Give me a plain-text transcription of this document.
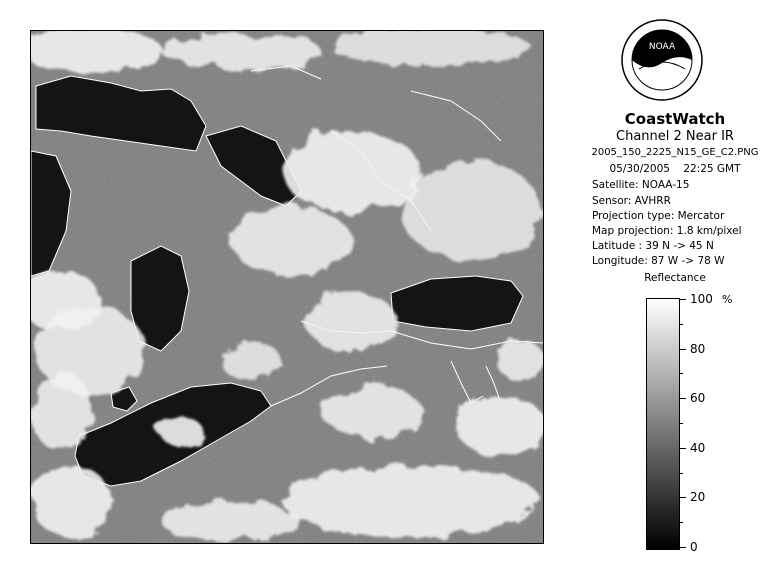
NOAA
CoastWatch
Channel 2 Near IR
2005_150_2225_N15_GE_C2.PNG
05/30/2005    22:25 GMT
Satellite: NOAA-15
Sensor: AVHRR
Projection type: Mercator
Map projection: 1.8 km/pixel
Latitude : 39 N -> 45 N
Longitude: 87 W -> 78 W
Reflectance
%
0
20
40
60
80
100
